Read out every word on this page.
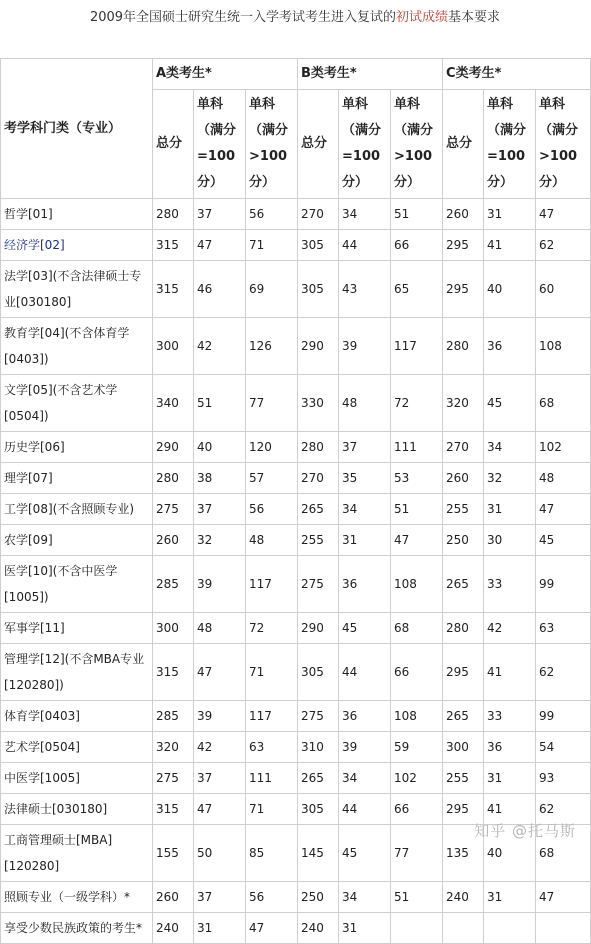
2009年全国硕士研究生统一入学考试考生进入复试的初试成绩基本要求
考学科门类（专业）	A类考生*			B类考生*			C类考生*		
	总分	单科（满分=100分）	单科（满分>100分）	总分	单科（满分=100分）	单科（满分>100分）	总分	单科（满分=100分）	单科（满分>100分）
哲学[01]	280	37	56	270	34	51	260	31	47
经济学[02]	315	47	71	305	44	66	295	41	62
法学[03](不含法律硕士专业[030180]	315	46	69	305	43	65	295	40	60
教育学[04](不含体育学[0403])	300	42	126	290	39	117	280	36	108
文学[05](不含艺术学[0504])	340	51	77	330	48	72	320	45	68
历史学[06]	290	40	120	280	37	111	270	34	102
理学[07]	280	38	57	270	35	53	260	32	48
工学[08](不含照顾专业)	275	37	56	265	34	51	255	31	47
农学[09]	260	32	48	255	31	47	250	30	45
医学[10](不含中医学[1005])	285	39	117	275	36	108	265	33	99
军事学[11]	300	48	72	290	45	68	280	42	63
管理学[12](不含MBA专业[120280])	315	47	71	305	44	66	295	41	62
体育学[0403]	285	39	117	275	36	108	265	33	99
艺术学[0504]	320	42	63	310	39	59	300	36	54
中医学[1005]	275	37	111	265	34	102	255	31	93
法律硕士[030180]	315	47	71	305	44	66	295	41	62
工商管理硕士[MBA][120280]	155	50	85	145	45	77	135	40	68
照顾专业（一级学科）*	260	37	56	250	34	51	240	31	47
享受少数民族政策的考生*	240	31	47	240	31				
知乎 @托马斯
